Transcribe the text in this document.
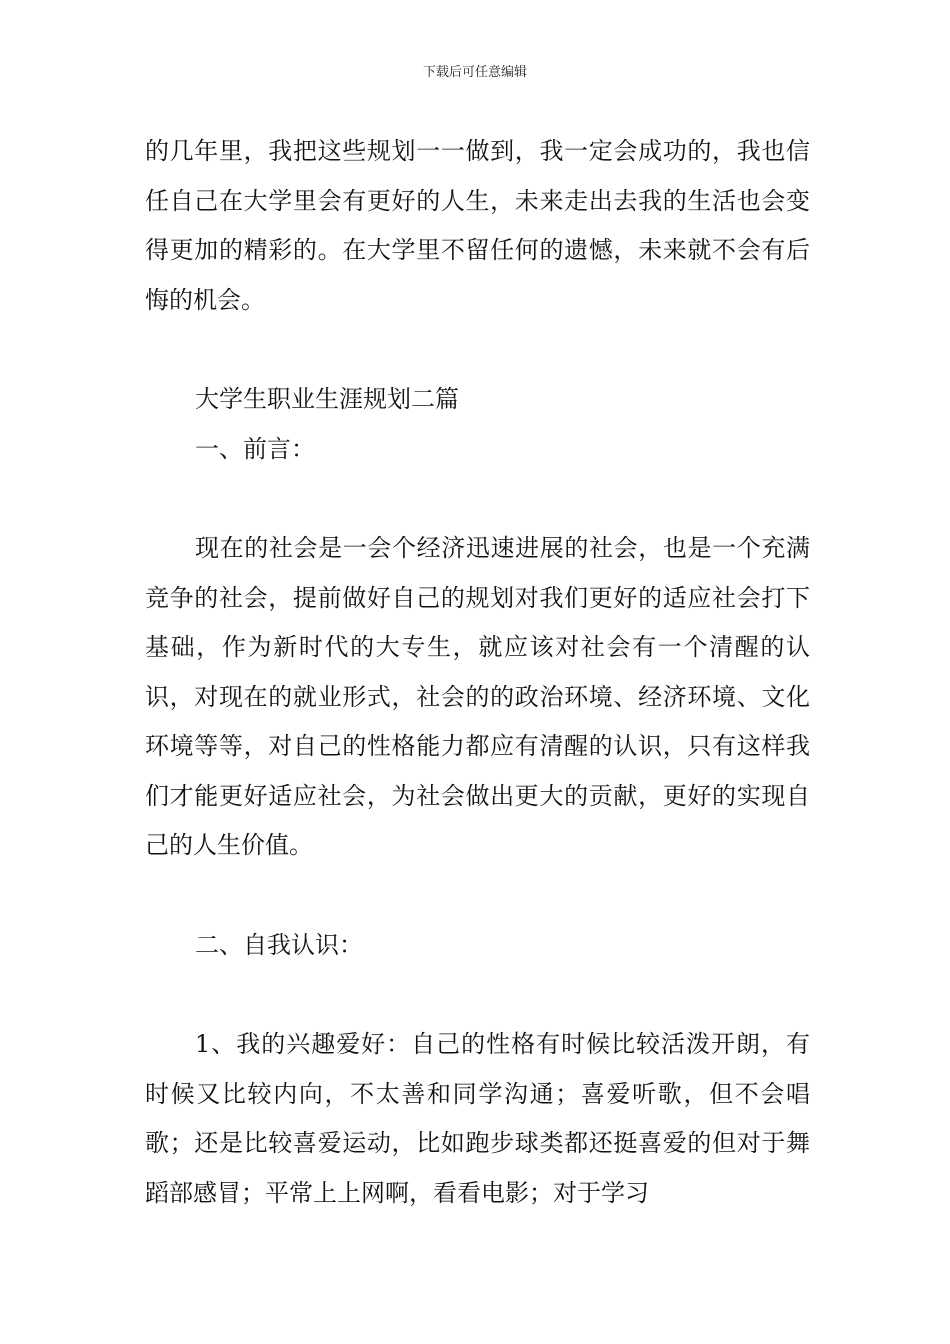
下载后可任意编辑

的几年里，我把这些规划一一做到，我一定会成功的，我也信任自己在大学里会有更好的人生，未来走出去我的生活也会变得更加的精彩的。在大学里不留任何的遗憾，未来就不会有后悔的机会。

大学生职业生涯规划二篇

一、前言：

现在的社会是一会个经济迅速进展的社会，也是一个充满竞争的社会，提前做好自己的规划对我们更好的适应社会打下基础，作为新时代的大专生，就应该对社会有一个清醒的认识，对现在的就业形式，社会的的政治环境、经济环境、文化环境等等，对自己的性格能力都应有清醒的认识，只有这样我们才能更好适应社会，为社会做出更大的贡献，更好的实现自己的人生价值。

二、自我认识：

1、我的兴趣爱好：自己的性格有时候比较活泼开朗，有时候又比较内向，不太善和同学沟通；喜爱听歌，但不会唱歌；还是比较喜爱运动，比如跑步球类都还挺喜爱的但对于舞蹈部感冒；平常上上网啊，看看电影；对于学习
